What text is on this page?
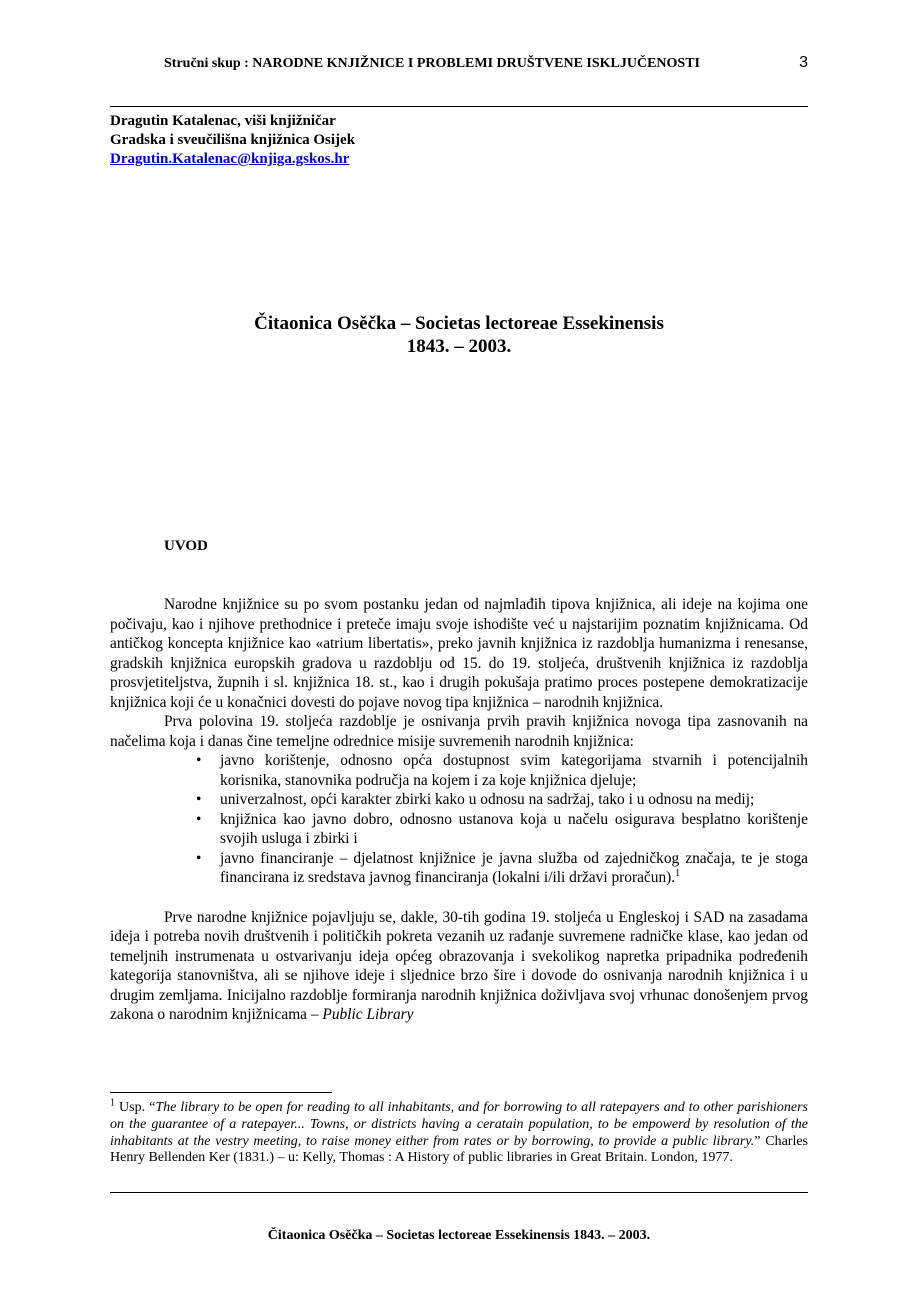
Stručni skup : NARODNE KNJIŽNICE I PROBLEMI DRUŠTVENE ISKLJUČENOSTI	3
Dragutin Katalenac, viši knjižničar
Gradska i sveučilišna knjižnica Osijek
Dragutin.Katalenac@knjiga.gskos.hr
Čitaonica Osěčka – Societas lectoreae Essekinensis
1843. – 2003.
UVOD

Narodne knjižnice su po svom postanku jedan od najmlađih tipova knjižnica, ali ideje na kojima one počivaju, kao i njihove prethodnice i preteče imaju svoje ishodište već u najstarijim poznatim knjižnicama. Od antičkog koncepta knjižnice kao «atrium libertatis», preko javnih knjižnica iz razdoblja humanizma i renesanse, gradskih knjižnica europskih gradova u razdoblju od 15. do 19. stoljeća, društvenih knjižnica iz razdoblja prosvjetiteljstva, župnih i sl. knjižnica 18. st., kao i drugih pokušaja pratimo proces postepene demokratizacije knjižnica koji će u konačnici dovesti do pojave novog tipa knjižnica – narodnih knjižnica.

Prva polovina 19. stoljeća razdoblje je osnivanja prvih pravih knjižnica novoga tipa zasnovanih na načelima koja i danas čine temeljne odrednice misije suvremenih narodnih knjižnica:

• javno korištenje, odnosno opća dostupnost svim kategorijama stvarnih i potencijalnih korisnika, stanovnika područja na kojem i za koje knjižnica djeluje;
• univerzalnost, opći karakter zbirki kako u odnosu na sadržaj, tako i u odnosu na medij;
• knjižnica kao javno dobro, odnosno ustanova koja u načelu osigurava besplatno korištenje svojih usluga i zbirki i
• javno financiranje – djelatnost knjižnice je javna služba od zajedničkog značaja, te je stoga financirana iz sredstava javnog financiranja (lokalni i/ili državi proračun).$^1$

Prve narodne knjižnice pojavljuju se, dakle, 30-tih godina 19. stoljeća u Engleskoj i SAD na zasadama ideja i potreba novih društvenih i političkih pokreta vezanih uz rađanje suvremene radničke klase, kao jedan od temeljnih instrumenata u ostvarivanju ideja općeg obrazovanja i svekolikog napretka pripadnika podređenih kategorija stanovništva, ali se njihove ideje i sljednice brzo šire i dovode do osnivanja narodnih knjižnica i u drugim zemljama. Inicijalno razdoblje formiranja narodnih knjižnica doživljava svoj vrhunac donošenjem prvog zakona o narodnim knjižnicama – Public Library

$^1$ Usp. “The library to be open for reading to all inhabitants, and for borrowing to all ratepayers and to other parishioners on the guarantee of a ratepayer... Towns, or districts having a ceratain population, to be empowerd by resolution of the inhabitants at the vestry meeting, to raise money either from rates or by borrowing, to provide a public library.” Charles Henry Bellenden Ker (1831.) – u: Kelly, Thomas : A History of public libraries in Great Britain. London, 1977.
Čitaonica Osěčka – Societas lectoreae Essekinensis 1843. – 2003.
